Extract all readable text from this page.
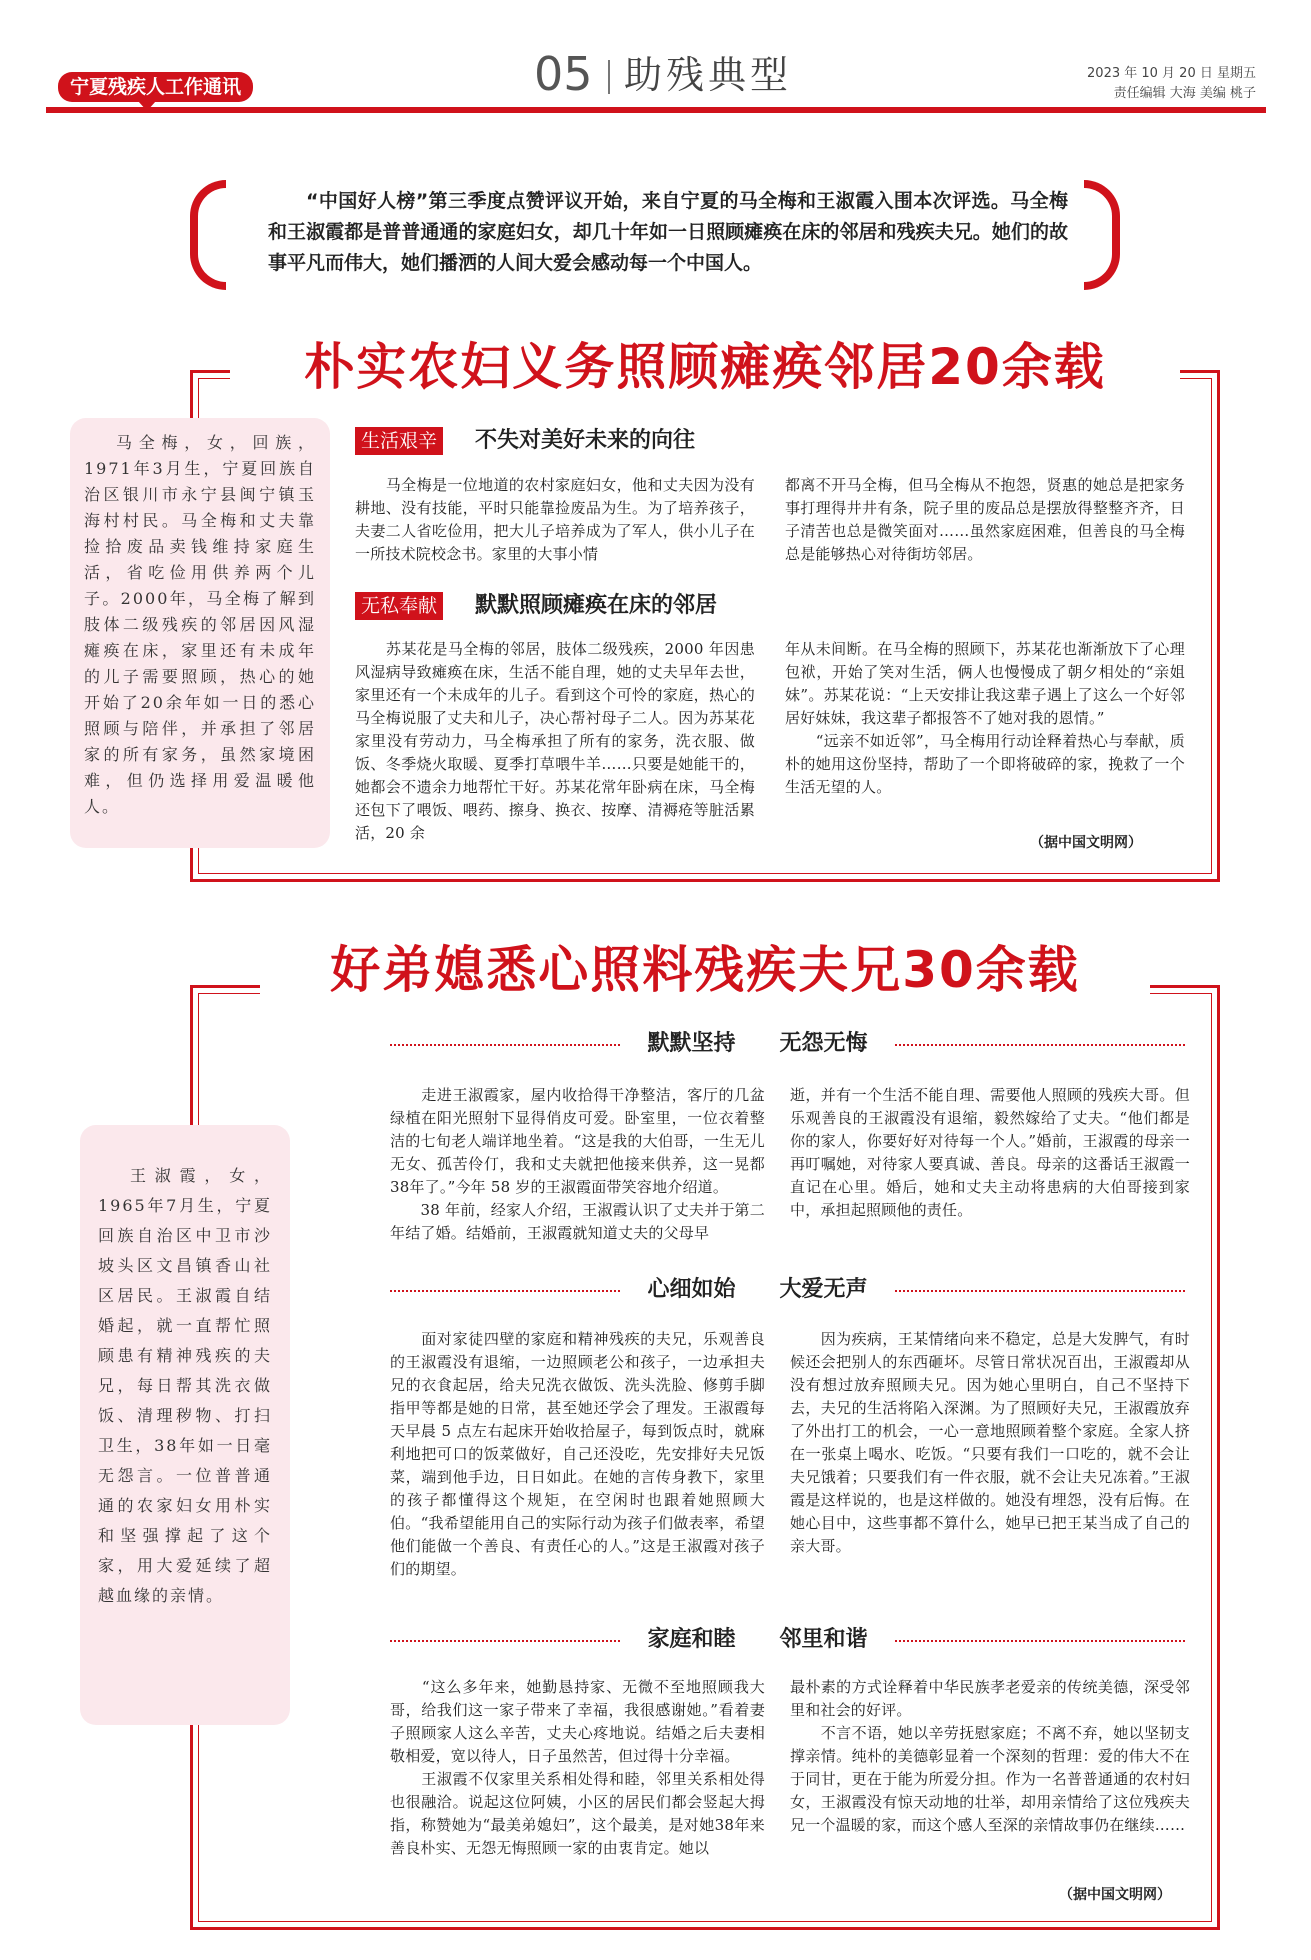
宁夏残疾人工作通讯	05 助残典型	2023 年 10 月 20 日 星期五
责任编辑 大海 美编 桃子

“中国好人榜”第三季度点赞评议开始，来自宁夏的马全梅和王淑霞入围本次评选。马全梅和王淑霞都是普普通通的家庭妇女，却几十年如一日照顾瘫痪在床的邻居和残疾夫兄。她们的故事平凡而伟大，她们播洒的人间大爱会感动每一个中国人。

朴实农妇义务照顾瘫痪邻居20余载
马全梅，女，回族，1971年3月生，宁夏回族自治区银川市永宁县闽宁镇玉海村村民。马全梅和丈夫靠捡拾废品卖钱维持家庭生活，省吃俭用供养两个儿子。2000年，马全梅了解到肢体二级残疾的邻居因风湿瘫痪在床，家里还有未成年的儿子需要照顾，热心的她开始了20余年如一日的悉心照顾与陪伴，并承担了邻居家的所有家务，虽然家境困难，但仍选择用爱温暖他人。
生活艰辛 不失对美好未来的向往

　　马全梅是一位地道的农村家庭妇女，他和丈夫因为没有耕地、没有技能，平时只能靠捡废品为生。为了培养孩子，夫妻二人省吃俭用，把大儿子培养成为了军人，供小儿子在一所技术院校念书。家里的大事小情

都离不开马全梅，但马全梅从不抱怨，贤惠的她总是把家务事打理得井井有条，院子里的废品总是摆放得整整齐齐，日子清苦也总是微笑面对……虽然家庭困难，但善良的马全梅总是能够热心对待街坊邻居。

无私奉献 默默照顾瘫痪在床的邻居

　　苏某花是马全梅的邻居，肢体二级残疾，2000 年因患风湿病导致瘫痪在床，生活不能自理，她的丈夫早年去世，家里还有一个未成年的儿子。看到这个可怜的家庭，热心的马全梅说服了丈夫和儿子，决心帮衬母子二人。因为苏某花家里没有劳动力，马全梅承担了所有的家务，洗衣服、做饭、冬季烧火取暖、夏季打草喂牛羊……只要是她能干的，她都会不遗余力地帮忙干好。苏某花常年卧病在床，马全梅还包下了喂饭、喂药、擦身、换衣、按摩、清褥疮等脏活累活，20 余

年从未间断。在马全梅的照顾下，苏某花也渐渐放下了心理包袱，开始了笑对生活，俩人也慢慢成了朝夕相处的“亲姐妹”。苏某花说：“上天安排让我这辈子遇上了这么一个好邻居好妹妹，我这辈子都报答不了她对我的恩情。”
　　“远亲不如近邻”，马全梅用行动诠释着热心与奉献，质朴的她用这份坚持，帮助了一个即将破碎的家，挽救了一个生活无望的人。

（据中国文明网）
好弟媳悉心照料残疾夫兄30余载
王淑霞，女，1965年7月生，宁夏回族自治区中卫市沙坡头区文昌镇香山社区居民。王淑霞自结婚起，就一直帮忙照顾患有精神残疾的夫兄，每日帮其洗衣做饭、清理秽物、打扫卫生，38年如一日毫无怨言。一位普普通通的农家妇女用朴实和坚强撑起了这个家，用大爱延续了超越血缘的亲情。
默默坚持　　无怨无悔

　　走进王淑霞家，屋内收拾得干净整洁，客厅的几盆绿植在阳光照射下显得俏皮可爱。卧室里，一位衣着整洁的七旬老人端详地坐着。“这是我的大伯哥，一生无儿无女、孤苦伶仃，我和丈夫就把他接来供养，这一晃都38年了。”今年 58 岁的王淑霞面带笑容地介绍道。
　　38 年前，经家人介绍，王淑霞认识了丈夫并于第二年结了婚。结婚前，王淑霞就知道丈夫的父母早

逝，并有一个生活不能自理、需要他人照顾的残疾大哥。但乐观善良的王淑霞没有退缩，毅然嫁给了丈夫。“他们都是你的家人，你要好好对待每一个人。”婚前，王淑霞的母亲一再叮嘱她，对待家人要真诚、善良。母亲的这番话王淑霞一直记在心里。婚后，她和丈夫主动将患病的大伯哥接到家中，承担起照顾他的责任。

心细如始　　大爱无声

　　面对家徒四壁的家庭和精神残疾的夫兄，乐观善良的王淑霞没有退缩，一边照顾老公和孩子，一边承担夫兄的衣食起居，给夫兄洗衣做饭、洗头洗脸、修剪手脚指甲等都是她的日常，甚至她还学会了理发。王淑霞每天早晨 5 点左右起床开始收拾屋子，每到饭点时，就麻利地把可口的饭菜做好，自己还没吃，先安排好夫兄饭菜，端到他手边，日日如此。在她的言传身教下，家里的孩子都懂得这个规矩，在空闲时也跟着她照顾大伯。“我希望能用自己的实际行动为孩子们做表率，希望他们能做一个善良、有责任心的人。”这是王淑霞对孩子们的期望。

　　因为疾病，王某情绪向来不稳定，总是大发脾气，有时候还会把别人的东西砸坏。尽管日常状况百出，王淑霞却从没有想过放弃照顾夫兄。因为她心里明白，自己不坚持下去，夫兄的生活将陷入深渊。为了照顾好夫兄，王淑霞放弃了外出打工的机会，一心一意地照顾着整个家庭。全家人挤在一张桌上喝水、吃饭。“只要有我们一口吃的，就不会让夫兄饿着；只要我们有一件衣服，就不会让夫兄冻着。”王淑霞是这样说的，也是这样做的。她没有埋怨，没有后悔。在她心目中，这些事都不算什么，她早已把王某当成了自己的亲大哥。

家庭和睦　　邻里和谐

　　“这么多年来，她勤恳持家、无微不至地照顾我大哥，给我们这一家子带来了幸福，我很感谢她。”看着妻子照顾家人这么辛苦，丈夫心疼地说。结婚之后夫妻相敬相爱，宽以待人，日子虽然苦，但过得十分幸福。
　　王淑霞不仅家里关系相处得和睦，邻里关系相处得也很融洽。说起这位阿姨，小区的居民们都会竖起大拇指，称赞她为“最美弟媳妇”，这个最美，是对她38年来善良朴实、无怨无悔照顾一家的由衷肯定。她以

最朴素的方式诠释着中华民族孝老爱亲的传统美德，深受邻里和社会的好评。
　　不言不语，她以辛劳抚慰家庭；不离不弃，她以坚韧支撑亲情。纯朴的美德彰显着一个深刻的哲理：爱的伟大不在于同甘，更在于能为所爱分担。作为一名普普通通的农村妇女，王淑霞没有惊天动地的壮举，却用亲情给了这位残疾夫兄一个温暖的家，而这个感人至深的亲情故事仍在继续……

（据中国文明网）
